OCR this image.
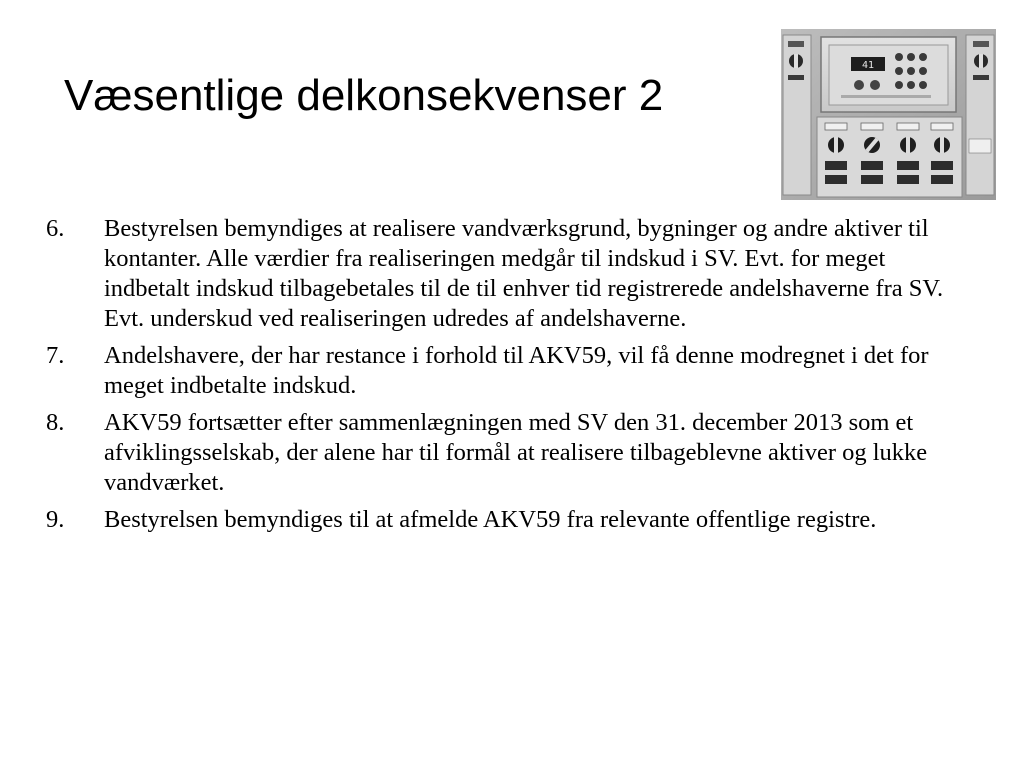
Væsentlige delkonsekvenser 2
41
6.	Bestyrelsen bemyndiges at realisere vandværksgrund, bygninger og andre aktiver til kontanter. Alle værdier fra realiseringen medgår til indskud i SV. Evt. for meget indbetalt indskud tilbagebetales til de til enhver tid registrerede andelshaverne fra SV. Evt. underskud ved realiseringen udredes af andelshaverne.
7.	Andelshavere, der har restance i forhold til AKV59, vil få denne modregnet i det for meget indbetalte indskud.
8.	AKV59 fortsætter efter sammenlægningen med SV den 31. december 2013 som et afviklingsselskab, der alene har til formål at realisere tilbageblevne aktiver og lukke vandværket.
9.	Bestyrelsen bemyndiges til at afmelde AKV59 fra relevante offentlige registre.
